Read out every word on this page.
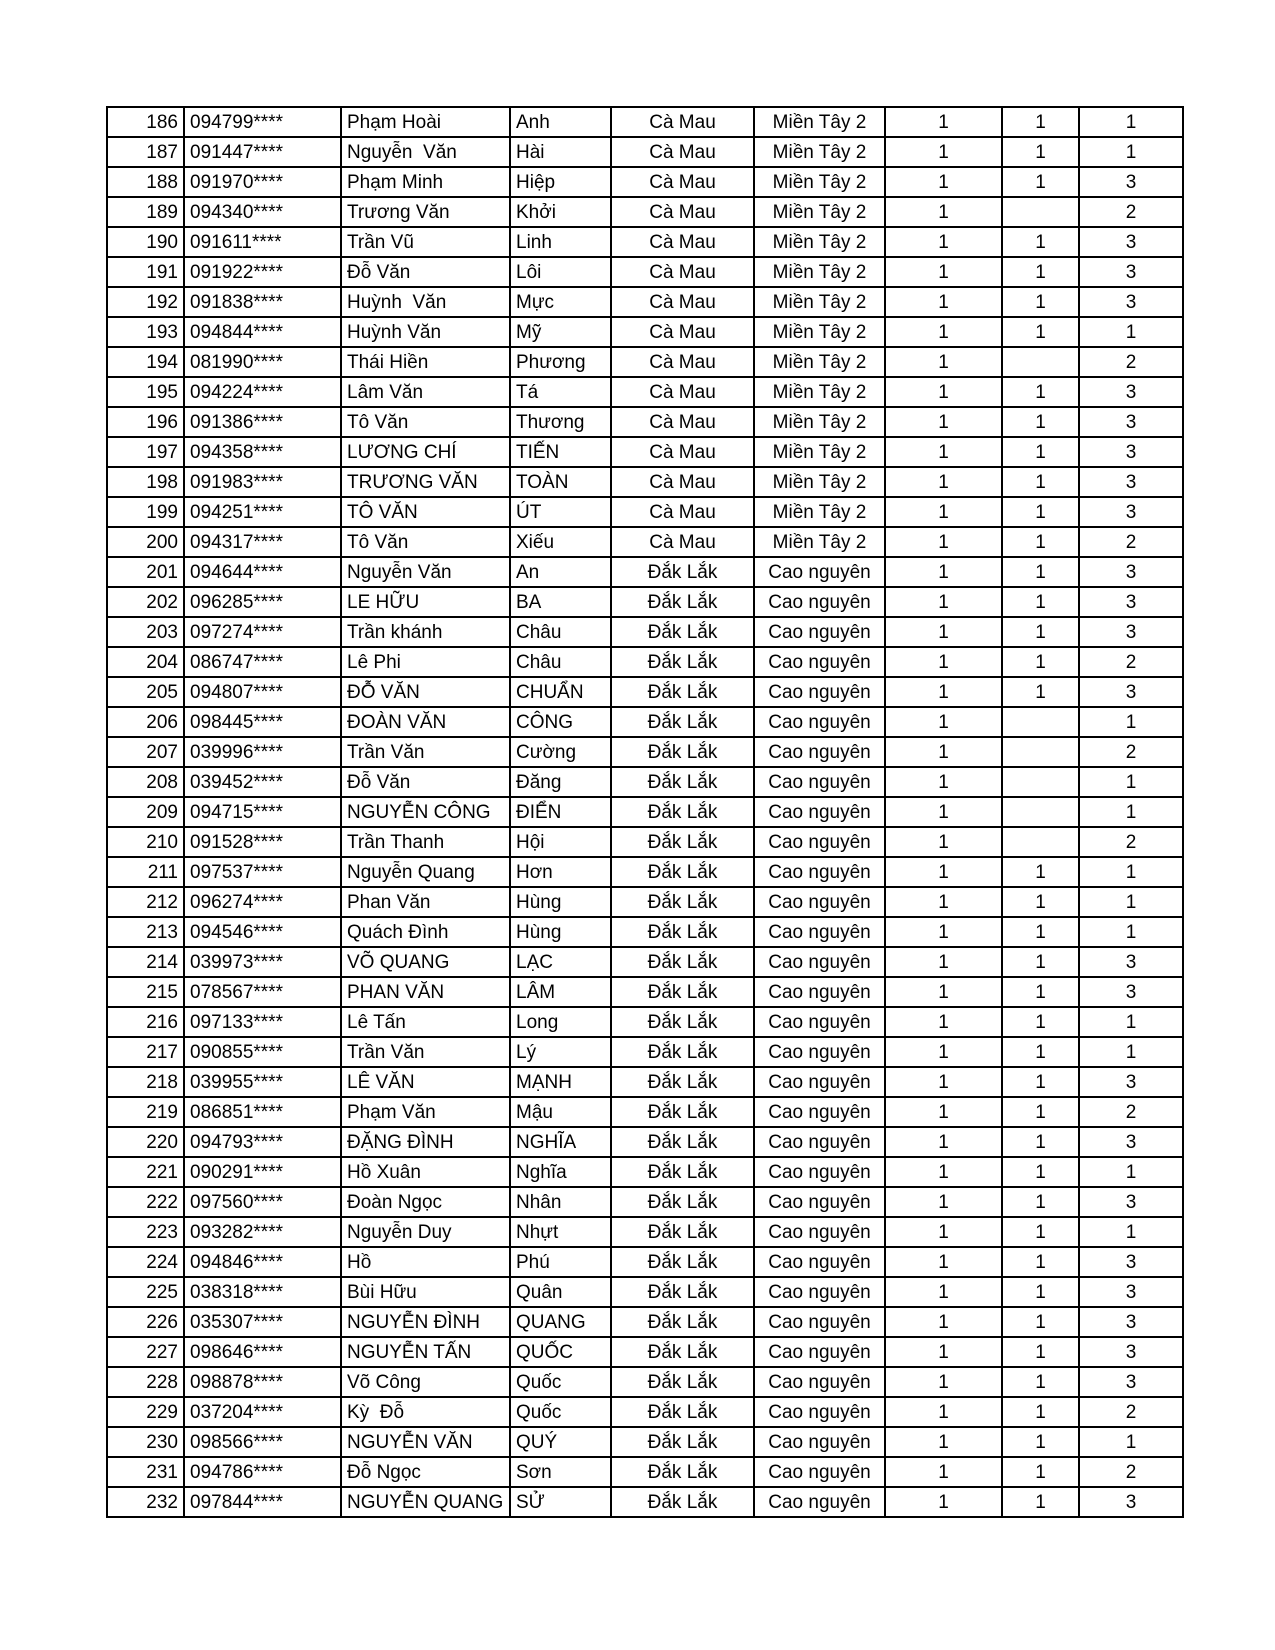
186	094799****	Phạm Hoài	Anh	Cà Mau	Miền Tây 2	1	1	1
187	091447****	Nguyễn  Văn	Hài	Cà Mau	Miền Tây 2	1	1	1
188	091970****	Phạm Minh	Hiệp	Cà Mau	Miền Tây 2	1	1	3
189	094340****	Trương Văn	Khởi	Cà Mau	Miền Tây 2	1		2
190	091611****	Trần Vũ	Linh	Cà Mau	Miền Tây 2	1	1	3
191	091922****	Đỗ Văn	Lôi	Cà Mau	Miền Tây 2	1	1	3
192	091838****	Huỳnh  Văn	Mực	Cà Mau	Miền Tây 2	1	1	3
193	094844****	Huỳnh Văn	Mỹ	Cà Mau	Miền Tây 2	1	1	1
194	081990****	Thái Hiền	Phương	Cà Mau	Miền Tây 2	1		2
195	094224****	Lâm Văn	Tá	Cà Mau	Miền Tây 2	1	1	3
196	091386****	Tô Văn	Thương	Cà Mau	Miền Tây 2	1	1	3
197	094358****	LƯƠNG CHÍ	TIẾN	Cà Mau	Miền Tây 2	1	1	3
198	091983****	TRƯƠNG VĂN	TOÀN	Cà Mau	Miền Tây 2	1	1	3
199	094251****	TÔ VĂN	ÚT	Cà Mau	Miền Tây 2	1	1	3
200	094317****	Tô Văn	Xiếu	Cà Mau	Miền Tây 2	1	1	2
201	094644****	Nguyễn Văn	An	Đắk Lắk	Cao nguyên	1	1	3
202	096285****	LE HỮU	BA	Đắk Lắk	Cao nguyên	1	1	3
203	097274****	Trần khánh	Châu	Đắk Lắk	Cao nguyên	1	1	3
204	086747****	Lê Phi	Châu	Đắk Lắk	Cao nguyên	1	1	2
205	094807****	ĐỖ VĂN	CHUẨN	Đắk Lắk	Cao nguyên	1	1	3
206	098445****	ĐOÀN VĂN	CÔNG	Đắk Lắk	Cao nguyên	1		1
207	039996****	Trần Văn	Cường	Đắk Lắk	Cao nguyên	1		2
208	039452****	Đỗ Văn	Đăng	Đắk Lắk	Cao nguyên	1		1
209	094715****	NGUYỄN CÔNG	ĐIỂN	Đắk Lắk	Cao nguyên	1		1
210	091528****	Trần Thanh	Hội	Đắk Lắk	Cao nguyên	1		2
211	097537****	Nguyễn Quang	Hơn	Đắk Lắk	Cao nguyên	1	1	1
212	096274****	Phan Văn	Hùng	Đắk Lắk	Cao nguyên	1	1	1
213	094546****	Quách Đình	Hùng	Đắk Lắk	Cao nguyên	1	1	1
214	039973****	VÕ QUANG	LẠC	Đắk Lắk	Cao nguyên	1	1	3
215	078567****	PHAN VĂN	LÂM	Đắk Lắk	Cao nguyên	1	1	3
216	097133****	Lê Tấn	Long	Đắk Lắk	Cao nguyên	1	1	1
217	090855****	Trần Văn	Lý	Đắk Lắk	Cao nguyên	1	1	1
218	039955****	LÊ VĂN	MẠNH	Đắk Lắk	Cao nguyên	1	1	3
219	086851****	Phạm Văn	Mậu	Đắk Lắk	Cao nguyên	1	1	2
220	094793****	ĐẶNG ĐÌNH	NGHĨA	Đắk Lắk	Cao nguyên	1	1	3
221	090291****	Hồ Xuân	Nghĩa	Đắk Lắk	Cao nguyên	1	1	1
222	097560****	Đoàn Ngọc	Nhân	Đắk Lắk	Cao nguyên	1	1	3
223	093282****	Nguyễn Duy	Nhựt	Đắk Lắk	Cao nguyên	1	1	1
224	094846****	Hồ	Phú	Đắk Lắk	Cao nguyên	1	1	3
225	038318****	Bùi Hữu	Quân	Đắk Lắk	Cao nguyên	1	1	3
226	035307****	NGUYỄN ĐÌNH	QUANG	Đắk Lắk	Cao nguyên	1	1	3
227	098646****	NGUYỄN TẤN	QUỐC	Đắk Lắk	Cao nguyên	1	1	3
228	098878****	Võ Công	Quốc	Đắk Lắk	Cao nguyên	1	1	3
229	037204****	Kỳ  Đỗ	Quốc	Đắk Lắk	Cao nguyên	1	1	2
230	098566****	NGUYỄN VĂN	QUÝ	Đắk Lắk	Cao nguyên	1	1	1
231	094786****	Đỗ Ngọc	Sơn	Đắk Lắk	Cao nguyên	1	1	2
232	097844****	NGUYỄN QUANG	SỬ	Đắk Lắk	Cao nguyên	1	1	3
